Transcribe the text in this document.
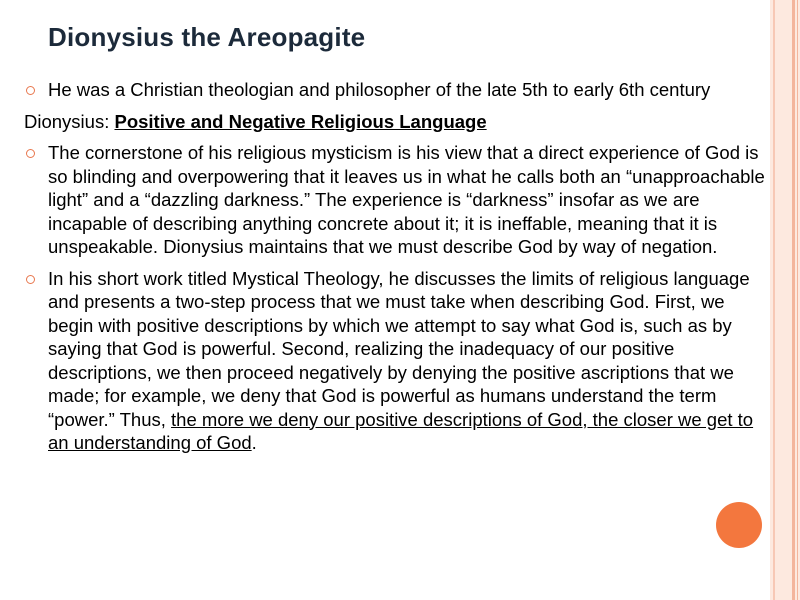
Dionysius the Areopagite

He was a Christian theologian and philosopher of the late 5th to early 6th century

Dionysius: Positive and Negative Religious Language

The cornerstone of his religious mysticism is his view that a direct experience of God is so blinding and overpowering that it leaves us in what he calls both an “unapproachable light” and a “dazzling darkness.” The experience is “darkness” insofar as we are incapable of describing anything concrete about it; it is ineffable, meaning that it is unspeakable. Dionysius maintains that we must describe God by way of negation.

In his short work titled Mystical Theology, he discusses the limits of religious language and presents a two-step process that we must take when describing God. First, we begin with positive descriptions by which we attempt to say what God is, such as by saying that God is powerful. Second, realizing the inadequacy of our positive descriptions, we then proceed negatively by denying the positive ascriptions that we made; for example, we deny that God is powerful as humans understand the term “power.” Thus, the more we deny our positive descriptions of God, the closer we get to an understanding of God.
